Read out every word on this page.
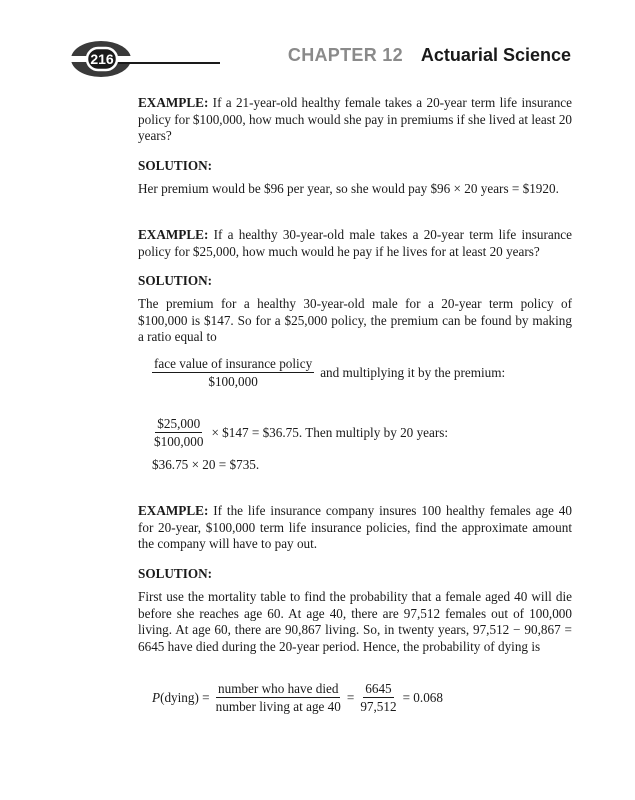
216	CHAPTER 12 Actuarial Science
EXAMPLE: If a 21-year-old healthy female takes a 20-year term life insurance policy for $100,000, how much would she pay in premiums if she lived at least 20 years?
SOLUTION:
Her premium would be $96 per year, so she would pay $96 × 20 years = $1920.
EXAMPLE: If a healthy 30-year-old male takes a 20-year term life insurance policy for $25,000, how much would he pay if he lives for at least 20 years?
SOLUTION:
The premium for a healthy 30-year-old male for a 20-year term policy of $100,000 is $147. So for a $25,000 policy, the premium can be found by making a ratio equal to
$\frac{\text{face value of insurance policy}}{\$100,000}$ and multiplying it by the premium:
$\frac{\$25,000}{\$100,000}$ × $147 = $36.75. Then multiply by 20 years:
$36.75 × 20 = $735.
EXAMPLE: If the life insurance company insures 100 healthy females age 40 for 20-year, $100,000 term life insurance policies, find the approximate amount the company will have to pay out.
SOLUTION:
First use the mortality table to find the probability that a female aged 40 will die before she reaches age 60. At age 40, there are 97,512 females out of 100,000 living. At age 60, there are 90,867 living. So, in twenty years, 97,512 − 90,867 = 6645 have died during the 20-year period. Hence, the probability of dying is
P(dying) = $\frac{\text{number who have died}}{\text{number living at age 40}} = \frac{6645}{97,512} = 0.068$
